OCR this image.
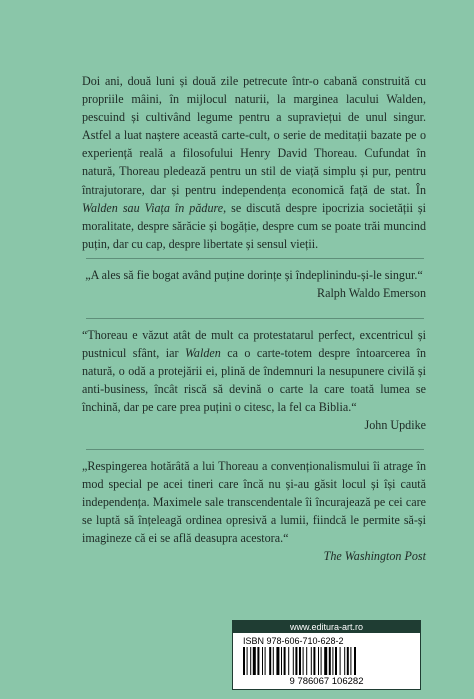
Doi ani, două luni și două zile petrecute într-o cabană construită cu propriile mâini, în mijlocul naturii, la marginea lacului Walden, pescuind și cultivând legume pentru a supraviețui de unul singur. Astfel a luat naștere această carte-cult, o serie de meditații bazate pe o experiență reală a filosofului Henry David Thoreau. Cufundat în natură, Thoreau pledează pentru un stil de viață simplu și pur, pentru întrajutorare, dar și pentru independența economică față de stat. În Walden sau Viața în pădure, se discută despre ipocrizia societății și moralitate, despre sărăcie și bogăție, despre cum se poate trăi muncind puțin, dar cu cap, despre libertate și sensul vieții.

„A ales să fie bogat având puține dorințe și îndeplinindu-și-le singur.“

Ralph Waldo Emerson

“Thoreau e văzut atât de mult ca protestatarul perfect, excentricul și pustnicul sfânt, iar Walden ca o carte-totem despre întoarcerea în natură, o odă a protejării ei, plină de îndemnuri la nesupunere civilă și anti-business, încât riscă să devină o carte la care toată lumea se închină, dar pe care prea puțini o citesc, la fel ca Biblia.“

John Updike

„Respingerea hotărâtă a lui Thoreau a convenționalismului îi atrage în mod special pe acei tineri care încă nu și-au găsit locul și își caută independența. Maximele sale transcendentale îi încurajează pe cei care se luptă să înțeleagă ordinea opresivă a lumii, fiindcă le permite să-și imagineze că ei se află deasupra acestora.“

The Washington Post

www.editura-art.ro
ISBN 978-606-710-628-2
9 786067 106282
